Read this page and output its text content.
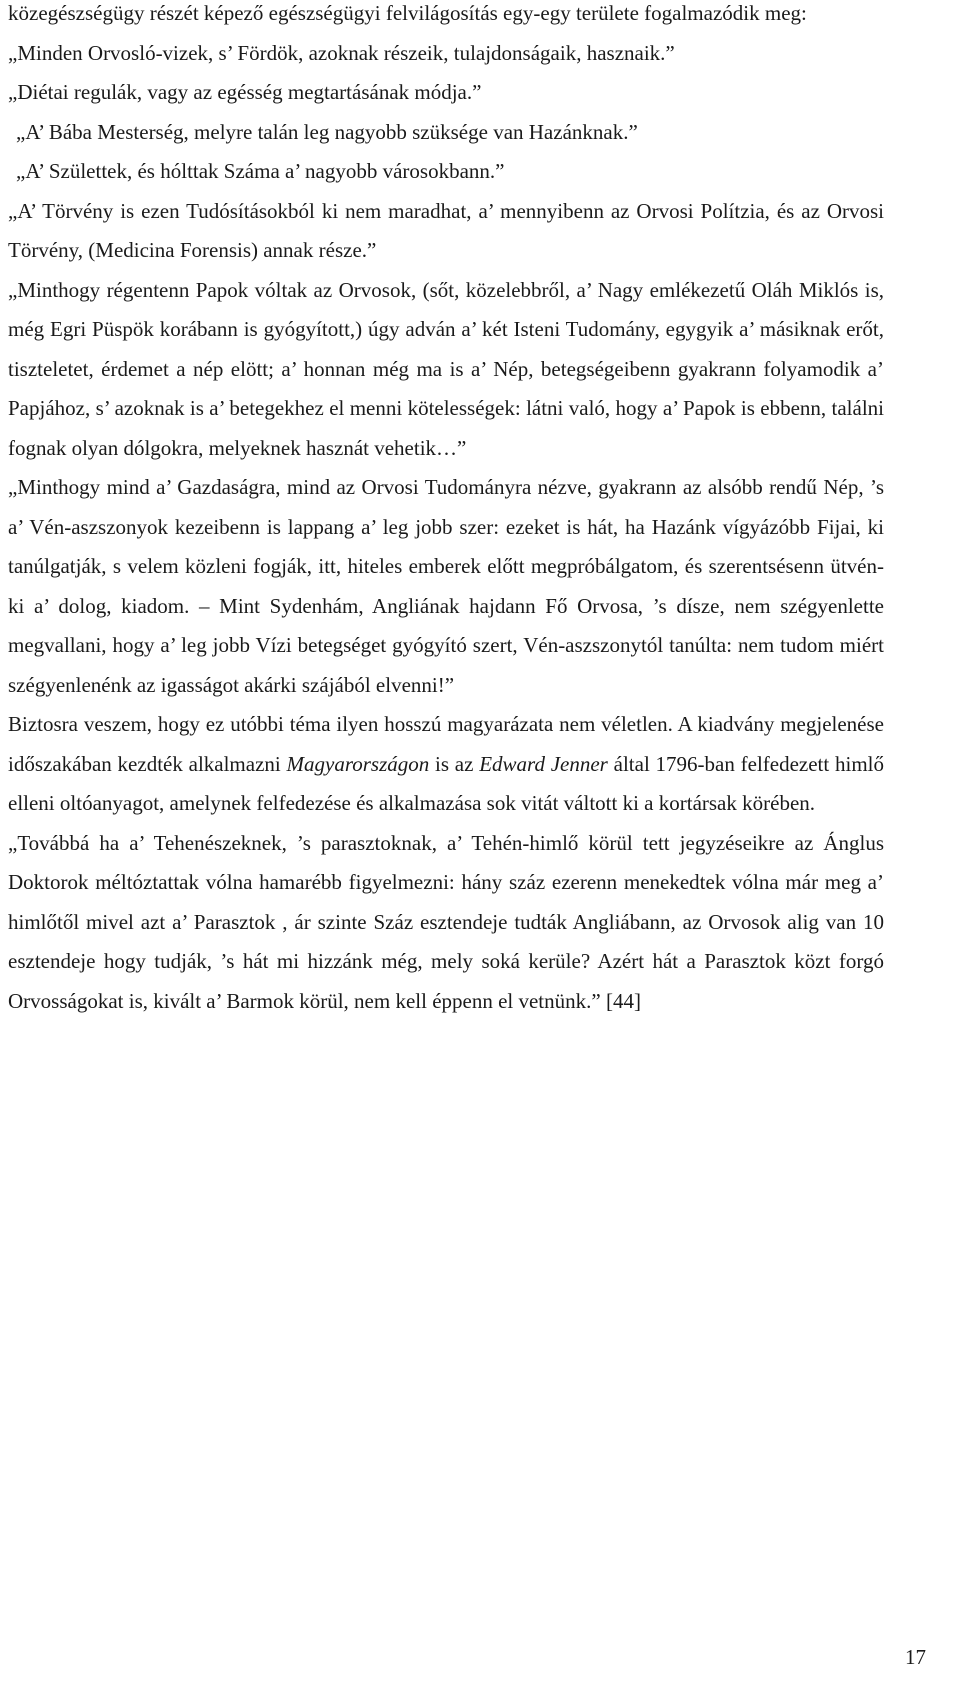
közegészségügy részét képező egészségügyi felvilágosítás egy-egy területe fogalmazódik meg:

„Minden Orvosló-vizek, s’ Fördök, azoknak részeik, tulajdonságaik, hasznaik.”

„Diétai regulák, vagy az egésség megtartásának módja.”

„A’ Bába Mesterség, melyre talán leg nagyobb szüksége van Hazánknak.”

„A’ Születtek, és hólttak Száma a’ nagyobb városokbann.”

„A’ Törvény is ezen Tudósításokból ki nem maradhat, a’ mennyibenn az Orvosi Polítzia, és az Orvosi Törvény, (Medicina Forensis) annak része.”

„Minthogy régentenn Papok vóltak az Orvosok, (sőt, közelebbről, a’ Nagy emlékezetű Oláh Miklós is, még Egri Püspök korábann is gyógyított,) úgy adván a’ két Isteni Tudomány, egygyik a’ másiknak erőt, tiszteletet, érdemet a nép elött; a’ honnan még ma is a’ Nép, betegségeibenn gyakrann folyamodik a’ Papjához, s’ azoknak is a’ betegekhez el menni kötelességek: látni való, hogy a’ Papok is ebbenn, találni fognak olyan dólgokra, melyeknek hasznát vehetik…”

„Minthogy mind a’ Gazdaságra, mind az Orvosi Tudományra nézve, gyakrann az alsóbb rendű Nép, ’s a’ Vén-aszszonyok kezeibenn is lappang a’ leg jobb szer: ezeket is hát, ha Hazánk vígyázóbb Fijai, ki tanúlgatják, s velem közleni fogják, itt, hiteles emberek előtt megpróbálgatom, és szerentsésenn ütvén-ki a’ dolog, kiadom. – Mint Sydenhám, Angliának hajdann Fő Orvosa, ’s dísze, nem szégyenlette megvallani, hogy a’ leg jobb Vízi betegséget gyógyító szert, Vén-aszszonytól tanúlta: nem tudom miért szégyenlenénk az igasságot akárki szájából elvenni!”

Biztosra veszem, hogy ez utóbbi téma ilyen hosszú magyarázata nem véletlen. A kiadvány megjelenése időszakában kezdték alkalmazni Magyarországon is az Edward Jenner által 1796-ban felfedezett himlő elleni oltóanyagot, amelynek felfedezése és alkalmazása sok vitát váltott ki a kortársak körében.

„Továbbá ha a’ Tehenészeknek, ’s parasztoknak, a’ Tehén-himlő körül tett jegyzéseikre az Ánglus Doktorok méltóztattak vólna hamarébb figyelmezni: hány száz ezerenn menekedtek vólna már meg a’ himlőtől mivel azt a’ Parasztok , ár szinte Száz esztendeje tudták Angliábann, az Orvosok alig van 10 esztendeje hogy tudják, ’s hát mi hizzánk még, mely soká kerüle? Azért hát a Parasztok közt forgó Orvosságokat is, kivált a’ Barmok körül, nem kell éppenn el vetnünk.” [44]

17
